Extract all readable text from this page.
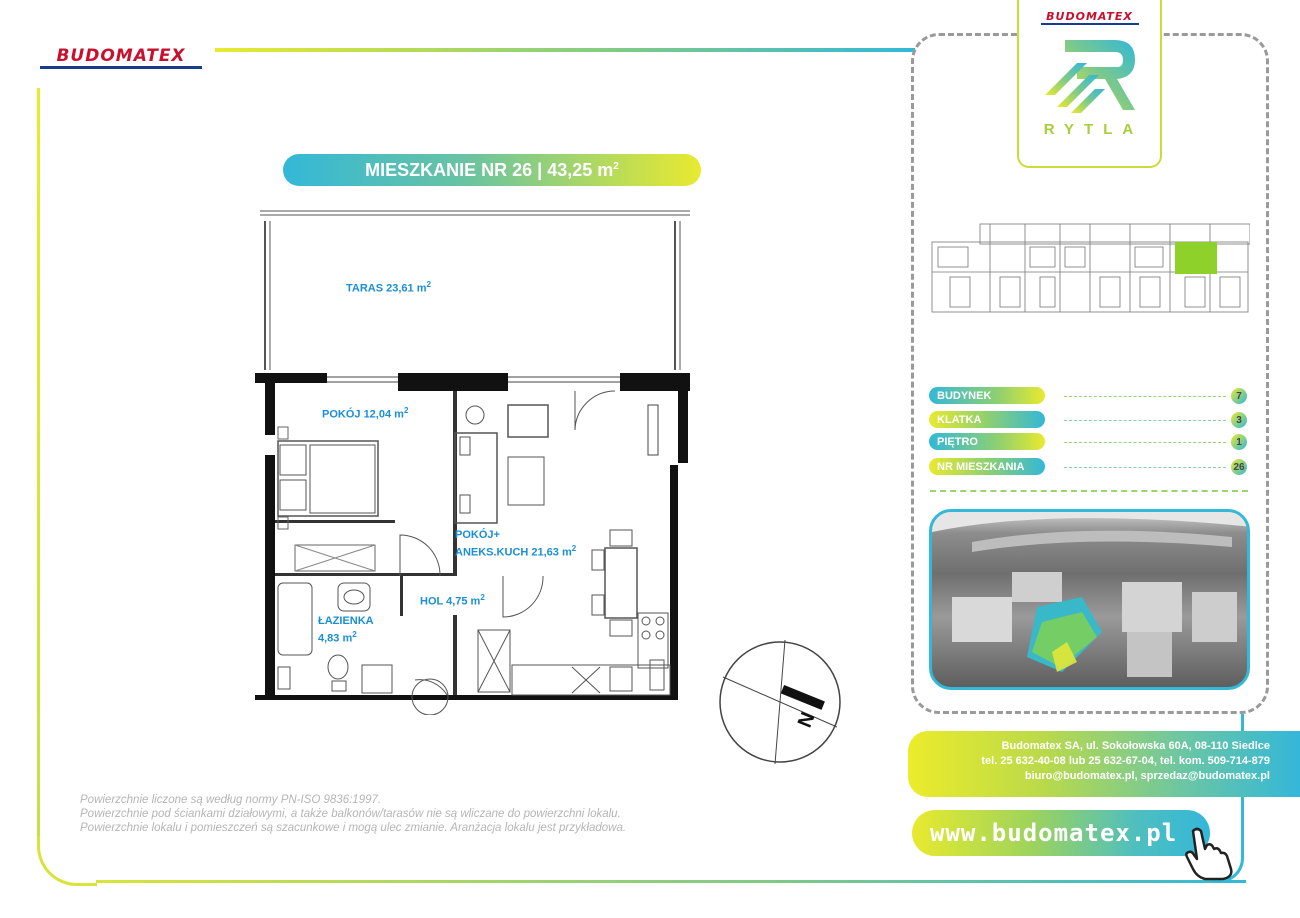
BUDOMATEX
MIESZKANIE NR 26 | 43,25 $m^2$
TARAS 23,61 $m^2$
POKÓJ 12,04 $m^2$
POKÓJ+
ANEKS.KUCH 21,63 $m^2$
HOL 4,75 $m^2$
ŁAZIENKA
4,83 $m^2$
N
BUDOMATEX
RYTLA
BUDYNEK	7
KLATKA	3
PIĘTRO	1
NR MIESZKANIA	26
Budomatex SA, ul. Sokołowska 60A, 08-110 Siedlce
tel. 25 632-40-08 lub 25 632-67-04, tel. kom. 509-714-879
biuro@budomatex.pl, sprzedaz@budomatex.pl
www.budomatex.pl
Powierzchnie liczone są według normy PN-ISO 9836:1997.
Powierzchnie pod ściankami działowymi, a także balkonów/tarasów nie są wliczane do powierzchni lokalu.
Powierzchnie lokalu i pomieszczeń są szacunkowe i mogą ulec zmianie. Aranżacja lokalu jest przykładowa.
